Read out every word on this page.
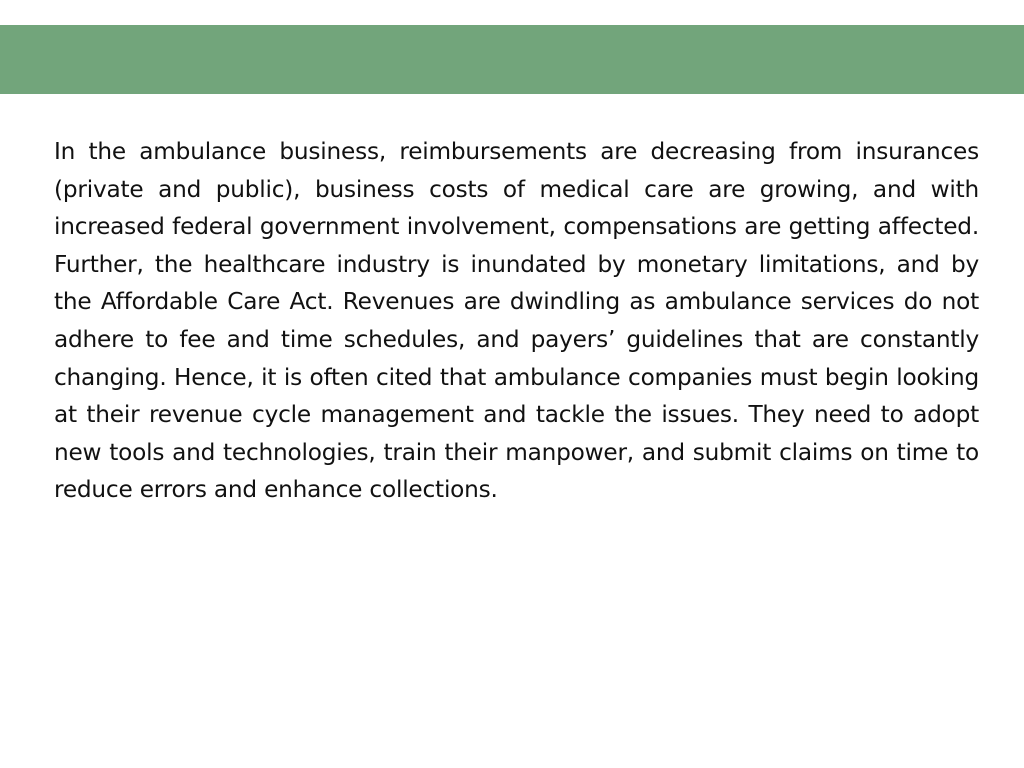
In the ambulance business, reimbursements are decreasing from insurances (private and public), business costs of medical care are growing, and with increased federal government involvement, compensations are getting affected. Further, the healthcare industry is inundated by monetary limitations, and by the Affordable Care Act. Revenues are dwindling as ambulance services do not adhere to fee and time schedules, and payers’ guidelines that are constantly changing. Hence, it is often cited that ambulance companies must begin looking at their revenue cycle management and tackle the issues. They need to adopt new tools and technologies, train their manpower, and submit claims on time to reduce errors and enhance collections.
